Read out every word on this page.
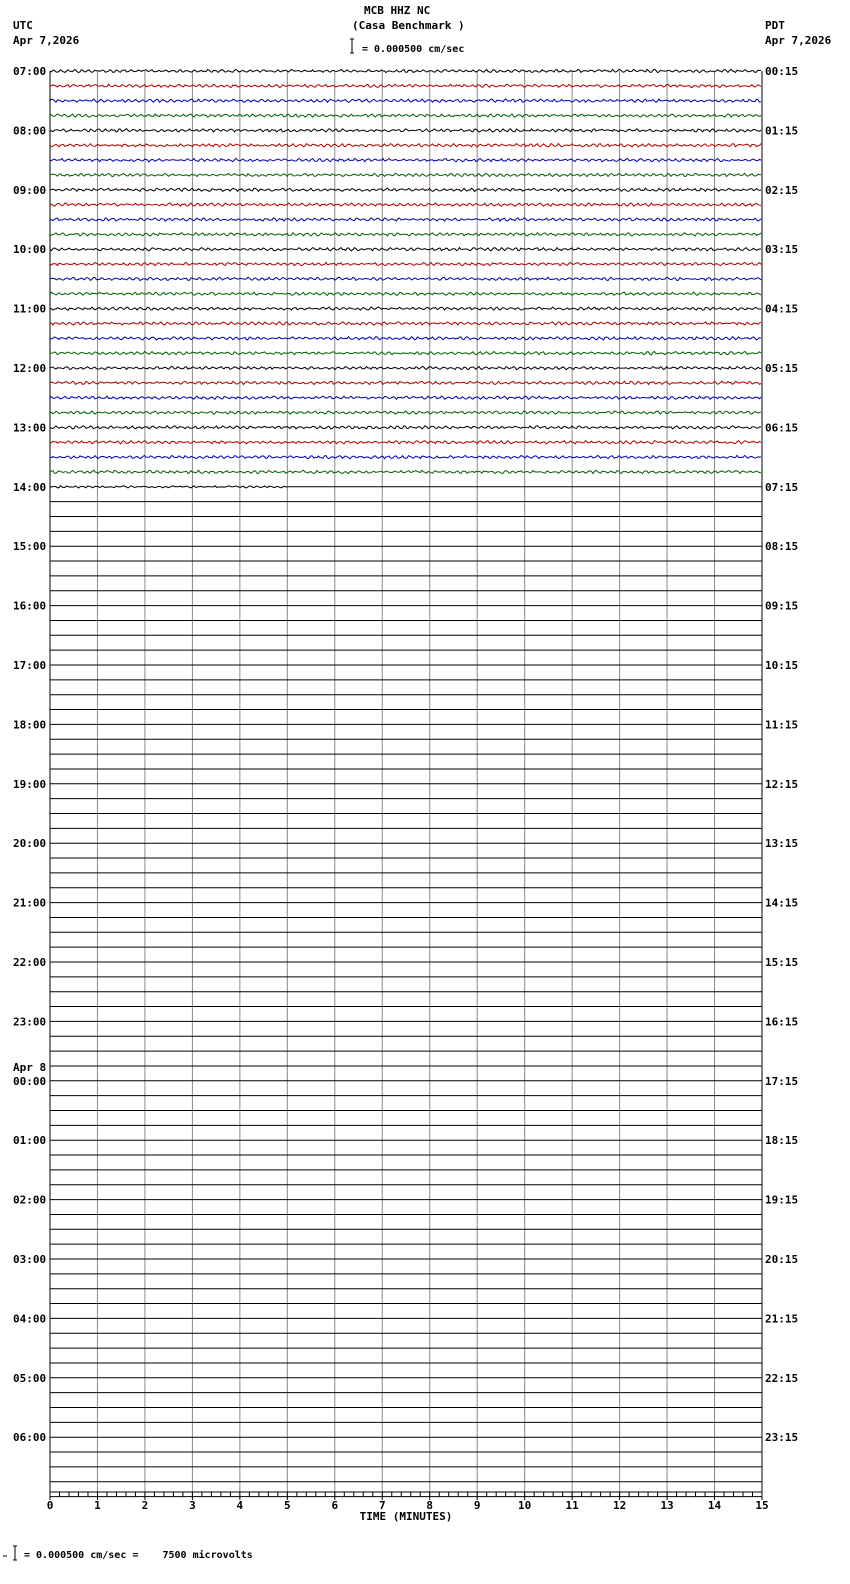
MCB HHZ NC
(Casa Benchmark )
UTC
Apr 7,2026
PDT
Apr 7,2026
= 0.000500 cm/sec
= 0.000500 cm/sec =    7500 microvolts
07:00
08:00
09:00
10:00
11:00
12:00
13:00
14:00
15:00
16:00
17:00
18:00
19:00
20:00
21:00
22:00
23:00
00:00
01:00
02:00
03:00
04:00
05:00
06:00
00:15
01:15
02:15
03:15
04:15
05:15
06:15
07:15
08:15
09:15
10:15
11:15
12:15
13:15
14:15
15:15
16:15
17:15
18:15
19:15
20:15
21:15
22:15
23:15
Apr 8
0	1	2	3	4	5	6	7	8	9	10	11	12	13	14	15
TIME (MINUTES)
